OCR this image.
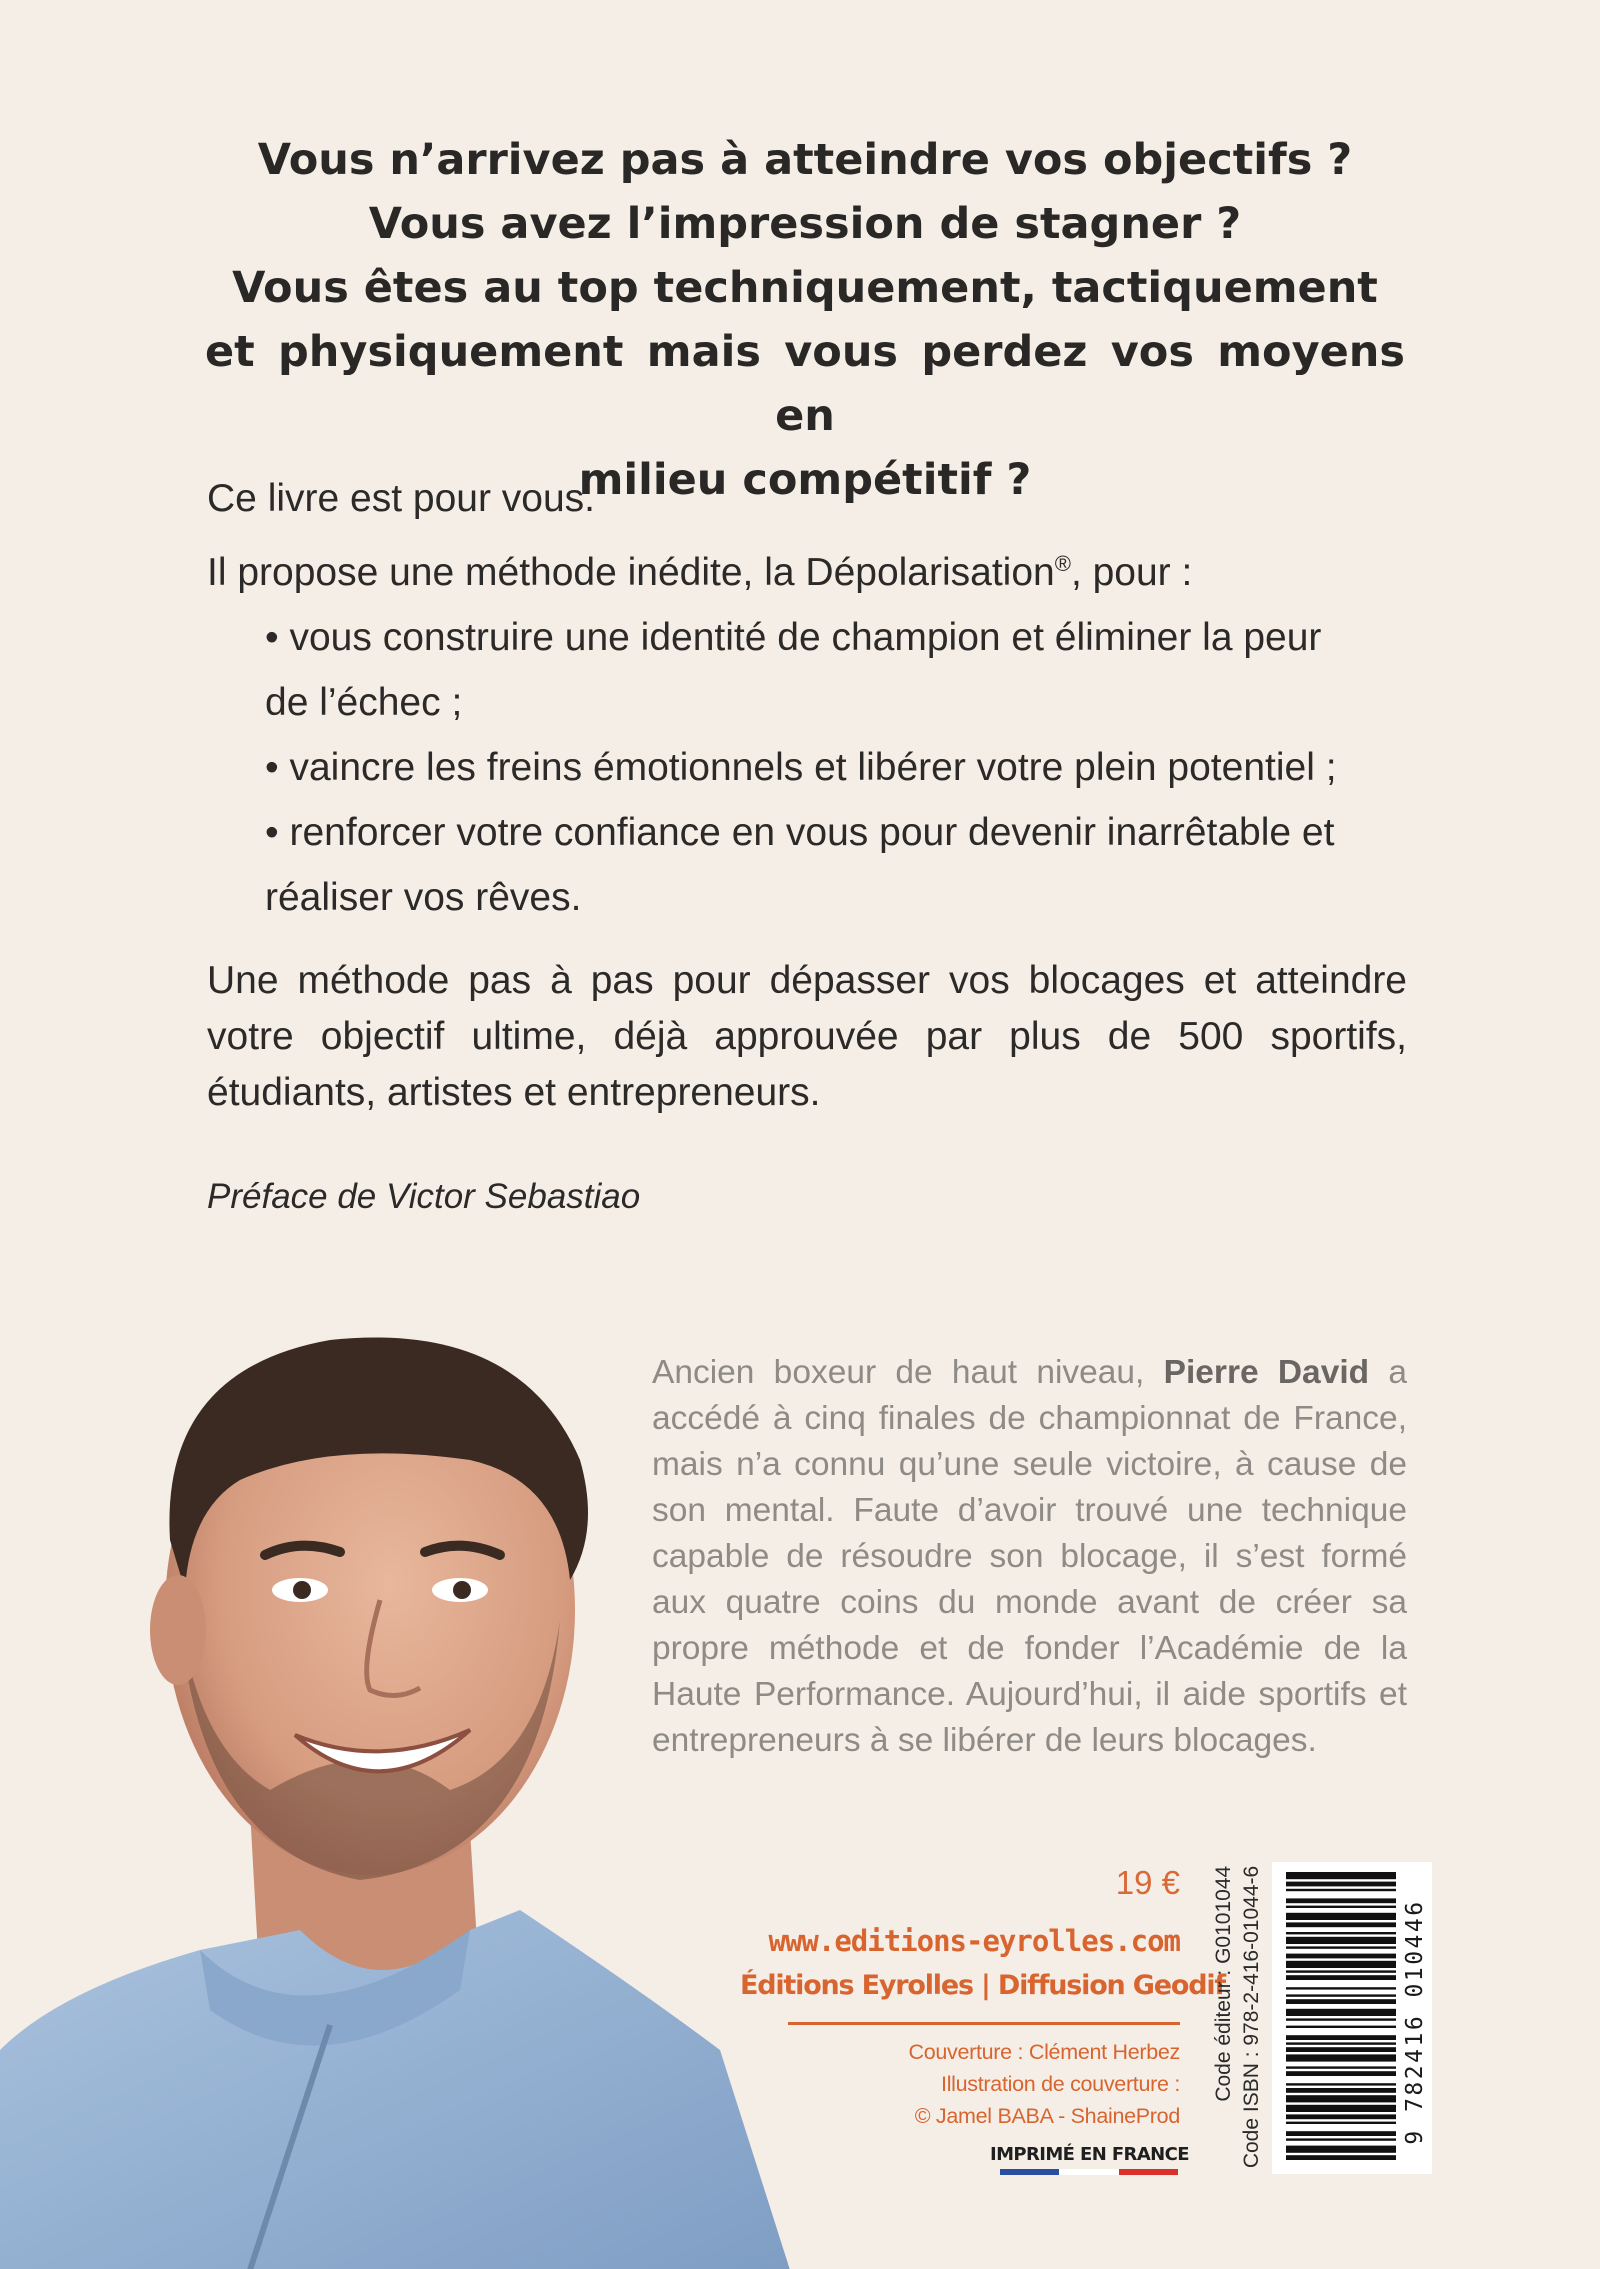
Vous n’arrivez pas à atteindre vos objectifs ?
Vous avez l’impression de stagner ?
Vous êtes au top techniquement, tactiquement
et physiquement mais vous perdez vos moyens en
milieu compétitif ?

Ce livre est pour vous.

Il propose une méthode inédite, la Dépolarisation®, pour :

• vous construire une identité de champion et éliminer la peur de l’échec ;
• vaincre les freins émotionnels et libérer votre plein potentiel ;
• renforcer votre confiance en vous pour devenir inarrêtable et réaliser vos rêves.

Une méthode pas à pas pour dépasser vos blocages et atteindre votre objectif ultime, déjà approuvée par plus de 500 sportifs, étudiants, artistes et entrepreneurs.

Préface de Victor Sebastiao

Ancien boxeur de haut niveau, Pierre David a accédé à cinq finales de championnat de France, mais n’a connu qu’une seule victoire, à cause de son mental. Faute d’avoir trouvé une technique capable de résoudre son blocage, il s’est formé aux quatre coins du monde avant de créer sa propre méthode et de fonder l’Académie de la Haute Performance. Aujourd’hui, il aide sportifs et entrepreneurs à se libérer de leurs blocages.

19 €
www.editions-eyrolles.com
Éditions Eyrolles | Diffusion Geodif
Couverture : Clément Herbez
Illustration de couverture :
© Jamel BABA - ShaineProd
IMPRIMÉ EN FRANCE
Code éditeur : G0101044 Code ISBN : 978-2-416-01044-6	9 782416 010446
